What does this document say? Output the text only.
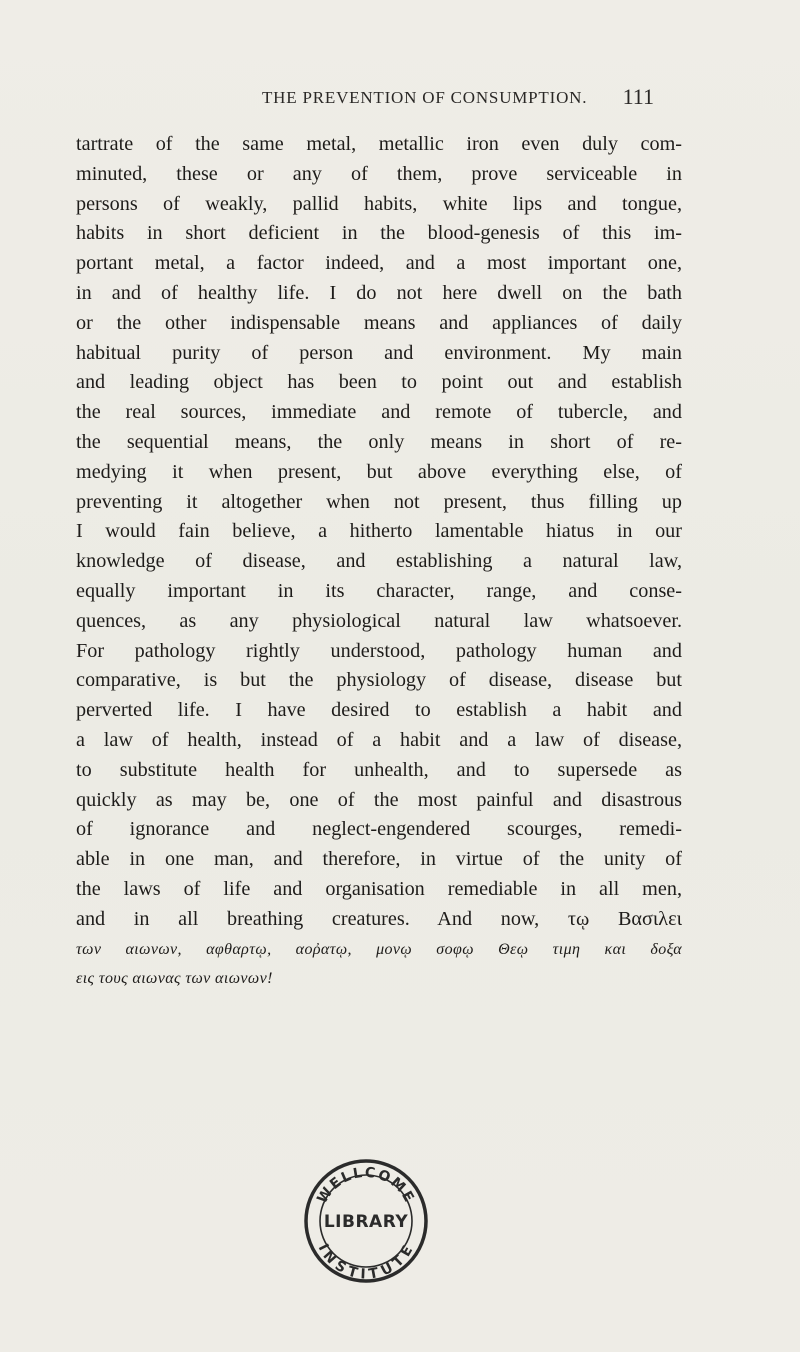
THE PREVENTION OF CONSUMPTION. 111
tartrate of the same metal, metallic iron even duly com-
minuted, these or any of them, prove serviceable in
persons of weakly, pallid habits, white lips and tongue,
habits in short deficient in the blood-genesis of this im-
portant metal, a factor indeed, and a most important one,
in and of healthy life. I do not here dwell on the bath
or the other indispensable means and appliances of daily
habitual purity of person and environment. My main
and leading object has been to point out and establish
the real sources, immediate and remote of tubercle, and
the sequential means, the only means in short of re-
medying it when present, but above everything else, of
preventing it altogether when not present, thus filling up
I would fain believe, a hitherto lamentable hiatus in our
knowledge of disease, and establishing a natural law,
equally important in its character, range, and conse-
quences, as any physiological natural law whatsoever.
For pathology rightly understood, pathology human and
comparative, is but the physiology of disease, disease but
perverted life. I have desired to establish a habit and
a law of health, instead of a habit and a law of disease,
to substitute health for unhealth, and to supersede as
quickly as may be, one of the most painful and disastrous
of ignorance and neglect-engendered scourges, remedi-
able in one man, and therefore, in virtue of the unity of
the laws of life and organisation remediable in all men,
and in all breathing creatures. And now, τῳ Βασιλει
των αιωνων, αφθαρτῳ, αοῤατῳ, μονῳ σοφῳ Θεῳ τιμη και δοξα
εις τους αιωνας των αιωνων!
WELLCOME
LIBRARY
INSTITUTE
